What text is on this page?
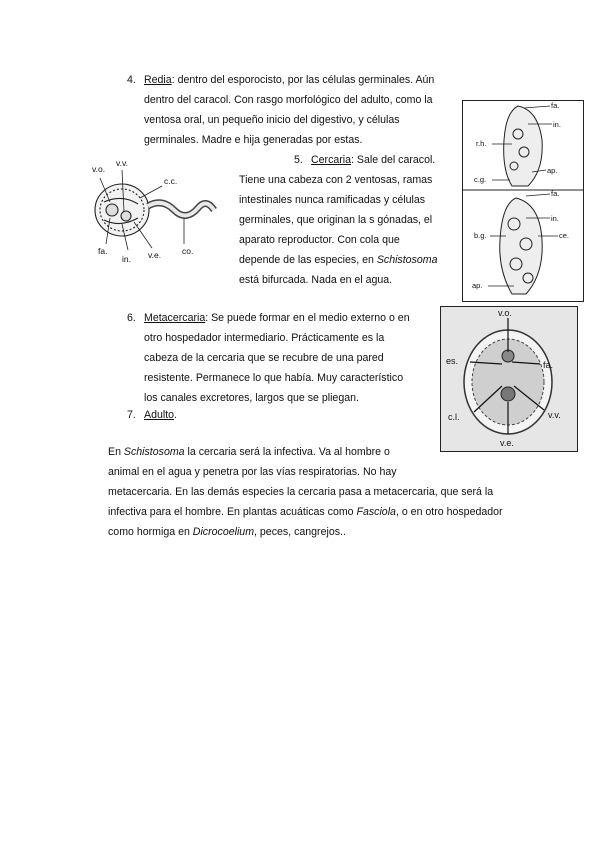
4. Redia: dentro del esporocisto, por las células germinales. Aún
dentro del caracol. Con rasgo morfológico del adulto, como la
ventosa oral, un pequeño inicio del digestivo, y células
germinales. Madre e hija generadas por estas.
5. Cercaria: Sale del caracol.
Tiene una cabeza con 2 ventosas, ramas
intestinales nunca ramificadas y células
germinales, que originan la s gónadas, el
aparato reproductor. Con cola que
depende de las especies, en Schistosoma
está bifurcada. Nada en el agua.
6. Metacercaria: Se puede formar en el medio externo o en
otro hospedador intermediario. Prácticamente es la
cabeza de la cercaria que se recubre de una pared
resistente. Permanece lo que había. Muy característico
los canales excretores, largos que se pliegan.
7. Adulto.
En Schistosoma la cercaria será la infectiva. Va al hombre o
animal en el agua y penetra por las vías respiratorias. No hay
metacercaria. En las demás especies la cercaria pasa a metacercaria, que será la
infectiva para el hombre. En plantas acuáticas como Fasciola, o en otro hospedador
como hormiga en Dicrocoelium, peces, cangrejos..
v.o.
v.v.
c.c.
fa.
in. v.e. co.
fa.
in.
r.h.
ap.
c.g.
fa.
in.
b.g.	ce.
ap.
v.o.
es.	fa.
c.l.	v.v.
v.e.
